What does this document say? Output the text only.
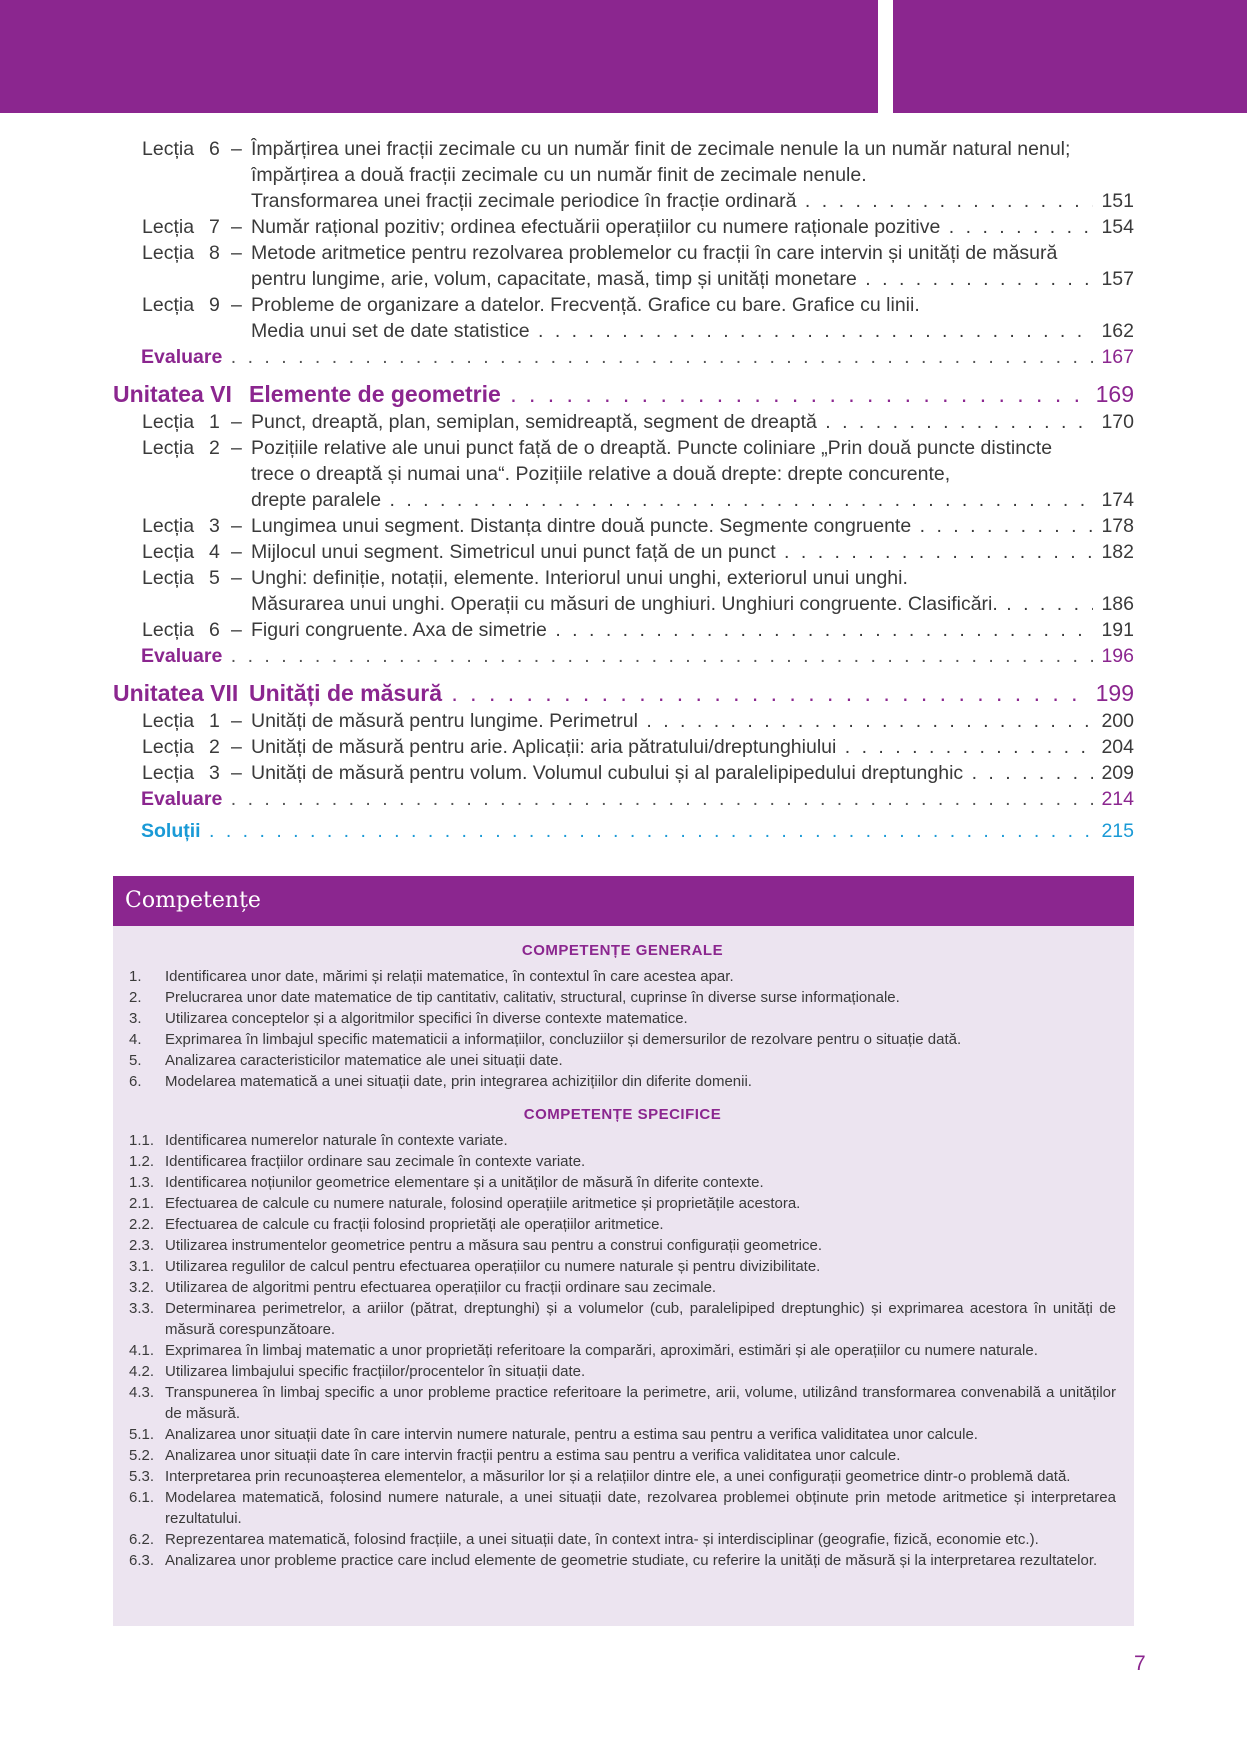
Lecția 6 – Împărțirea unei fracții zecimale cu un număr finit de zecimale nenule la un număr natural nenul;
împărțirea a două fracții zecimale cu un număr finit de zecimale nenule.
Transformarea unei fracții zecimale periodice în fracție ordinară . . .	151
Lecția 7 – Număr rațional pozitiv; ordinea efectuării operațiilor cu numere raționale pozitive . . .	154
Lecția 8 – Metode aritmetice pentru rezolvarea problemelor cu fracții în care intervin și unități de măsură
pentru lungime, arie, volum, capacitate, masă, timp și unități monetare . . .	157
Lecția 9 – Probleme de organizare a datelor. Frecvență. Grafice cu bare. Grafice cu linii.
Media unui set de date statistice . . .	162
Evaluare . . .	167
Unitatea VI Elemente de geometrie . . .	169
Lecția 1 – Punct, dreaptă, plan, semiplan, semidreaptă, segment de dreaptă . . .	170
Lecția 2 – Pozițiile relative ale unui punct față de o dreaptă. Puncte coliniare „Prin două puncte distincte
trece o dreaptă și numai una“. Pozițiile relative a două drepte: drepte concurente,
drepte paralele . . .	174
Lecția 3 – Lungimea unui segment. Distanța dintre două puncte. Segmente congruente . . .	178
Lecția 4 – Mijlocul unui segment. Simetricul unui punct față de un punct . . .	182
Lecția 5 – Unghi: definiție, notații, elemente. Interiorul unui unghi, exteriorul unui unghi.
Măsurarea unui unghi. Operații cu măsuri de unghiuri. Unghiuri congruente. Clasificări. . . .	186
Lecția 6 – Figuri congruente. Axa de simetrie . . .	191
Evaluare . . .	196
Unitatea VII Unități de măsură . . .	199
Lecția 1 – Unități de măsură pentru lungime. Perimetrul . . .	200
Lecția 2 – Unități de măsură pentru arie. Aplicații: aria pătratului/dreptunghiului . . .	204
Lecția 3 – Unități de măsură pentru volum. Volumul cubului și al paralelipipedului dreptunghic . . .	209
Evaluare . . .	214
Soluții . . .	215
Competențe
COMPETENȚE GENERALE
1. Identificarea unor date, mărimi și relații matematice, în contextul în care acestea apar.
2. Prelucrarea unor date matematice de tip cantitativ, calitativ, structural, cuprinse în diverse surse informaționale.
3. Utilizarea conceptelor și a algoritmilor specifici în diverse contexte matematice.
4. Exprimarea în limbajul specific matematicii a informațiilor, concluziilor și demersurilor de rezolvare pentru o situație dată.
5. Analizarea caracteristicilor matematice ale unei situații date.
6. Modelarea matematică a unei situații date, prin integrarea achizițiilor din diferite domenii.
COMPETENȚE SPECIFICE
1.1. Identificarea numerelor naturale în contexte variate.
1.2. Identificarea fracțiilor ordinare sau zecimale în contexte variate.
1.3. Identificarea noțiunilor geometrice elementare și a unităților de măsură în diferite contexte.
2.1. Efectuarea de calcule cu numere naturale, folosind operațiile aritmetice și proprietățile acestora.
2.2. Efectuarea de calcule cu fracții folosind proprietăți ale operațiilor aritmetice.
2.3. Utilizarea instrumentelor geometrice pentru a măsura sau pentru a construi configurații geometrice.
3.1. Utilizarea regulilor de calcul pentru efectuarea operațiilor cu numere naturale și pentru divizibilitate.
3.2. Utilizarea de algoritmi pentru efectuarea operațiilor cu fracții ordinare sau zecimale.
3.3. Determinarea perimetrelor, a ariilor (pătrat, dreptunghi) și a volumelor (cub, paralelipiped dreptunghic) și exprimarea acestora în unități de măsură corespunzătoare.
4.1. Exprimarea în limbaj matematic a unor proprietăți referitoare la comparări, aproximări, estimări și ale operațiilor cu numere naturale.
4.2. Utilizarea limbajului specific fracțiilor/procentelor în situații date.
4.3. Transpunerea în limbaj specific a unor probleme practice referitoare la perimetre, arii, volume, utilizând transformarea convenabilă a unităților de măsură.
5.1. Analizarea unor situații date în care intervin numere naturale, pentru a estima sau pentru a verifica validitatea unor calcule.
5.2. Analizarea unor situații date în care intervin fracții pentru a estima sau pentru a verifica validitatea unor calcule.
5.3. Interpretarea prin recunoașterea elementelor, a măsurilor lor și a relațiilor dintre ele, a unei configurații geometrice dintr-o problemă dată.
6.1. Modelarea matematică, folosind numere naturale, a unei situații date, rezolvarea problemei obținute prin metode aritmetice și interpretarea rezultatului.
6.2. Reprezentarea matematică, folosind fracțiile, a unei situații date, în context intra- și interdisciplinar (geografie, fizică, economie etc.).
6.3. Analizarea unor probleme practice care includ elemente de geometrie studiate, cu referire la unități de măsură și la interpretarea rezultatelor.
7
